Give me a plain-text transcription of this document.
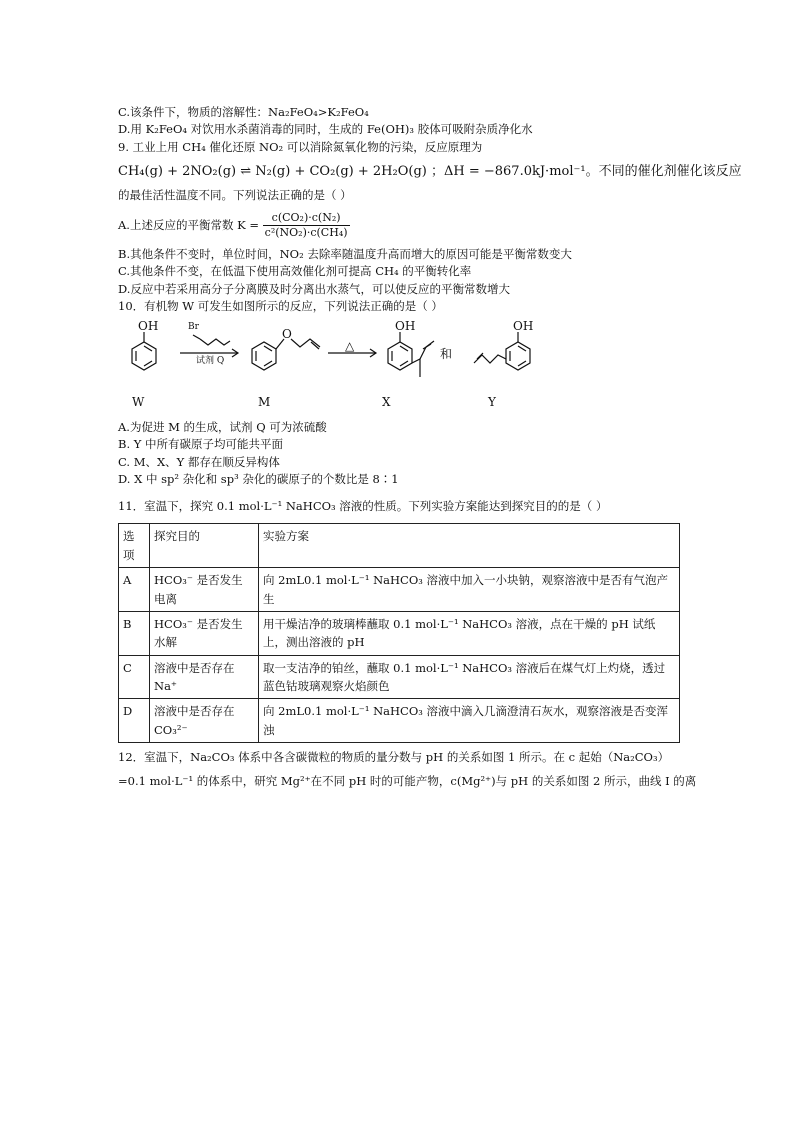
C.该条件下，物质的溶解性：Na₂FeO₄>K₂FeO₄

D.用 K₂FeO₄ 对饮用水杀菌消毒的同时，生成的 Fe(OH)₃ 胶体可吸附杂质净化水

9. 工业上用 CH₄ 催化还原 NO₂ 可以消除氮氧化物的污染，反应原理为

CH₄(g) + 2NO₂(g) ⇌ N₂(g) + CO₂(g) + 2H₂O(g) ；ΔH = −867.0kJ·mol⁻¹。不同的催化剂催化该反应

的最佳活性温度不同。下列说法正确的是（ ）

A.上述反应的平衡常数 $K = \frac{\text{c(CO₂)·c(N₂)}}{\text{c²(NO₂)·c(CH₄)}}$

B.其他条件不变时，单位时间，NO₂ 去除率随温度升高而增大的原因可能是平衡常数变大

C.其他条件不变，在低温下使用高效催化剂可提高 CH₄ 的平衡转化率

D.反应中若采用高分子分离膜及时分离出水蒸气，可以使反应的平衡常数增大

10．有机物 W 可发生如图所示的反应，下列说法正确的是（ ）

OH	Br
试剂 Q
O
△
OH
和
OH
W	M	X	Y

A.为促进 M 的生成，试剂 Q 可为浓硫酸

B. Y 中所有碳原子均可能共平面

C. M、X、Y 都存在顺反异构体

D. X 中 sp² 杂化和 sp³ 杂化的碳原子的个数比是 8∶1

11．室温下，探究 0.1 mol·L⁻¹ NaHCO₃ 溶液的性质。下列实验方案能达到探究目的的是（ ）

选项	探究目的	实验方案
A	HCO₃⁻ 是否发生电离	向 2mL0.1 mol·L⁻¹ NaHCO₃ 溶液中加入一小块钠，观察溶液中是否有气泡产生
B	HCO₃⁻ 是否发生水解	用干燥洁净的玻璃棒蘸取 0.1 mol·L⁻¹ NaHCO₃ 溶液，点在干燥的 pH 试纸上，测出溶液的 pH
C	溶液中是否存在 Na⁺	取一支洁净的铂丝，蘸取 0.1 mol·L⁻¹ NaHCO₃ 溶液后在煤气灯上灼烧，透过蓝色钴玻璃观察火焰颜色
D	溶液中是否存在 CO₃²⁻	向 2mL0.1 mol·L⁻¹ NaHCO₃ 溶液中滴入几滴澄清石灰水，观察溶液是否变浑浊

12．室温下，Na₂CO₃ 体系中各含碳微粒的物质的量分数与 pH 的关系如图 1 所示。在 c 起始（Na₂CO₃）

=0.1 mol·L⁻¹ 的体系中，研究 Mg²⁺在不同 pH 时的可能产物，c(Mg²⁺)与 pH 的关系如图 2 所示，曲线 I 的离
